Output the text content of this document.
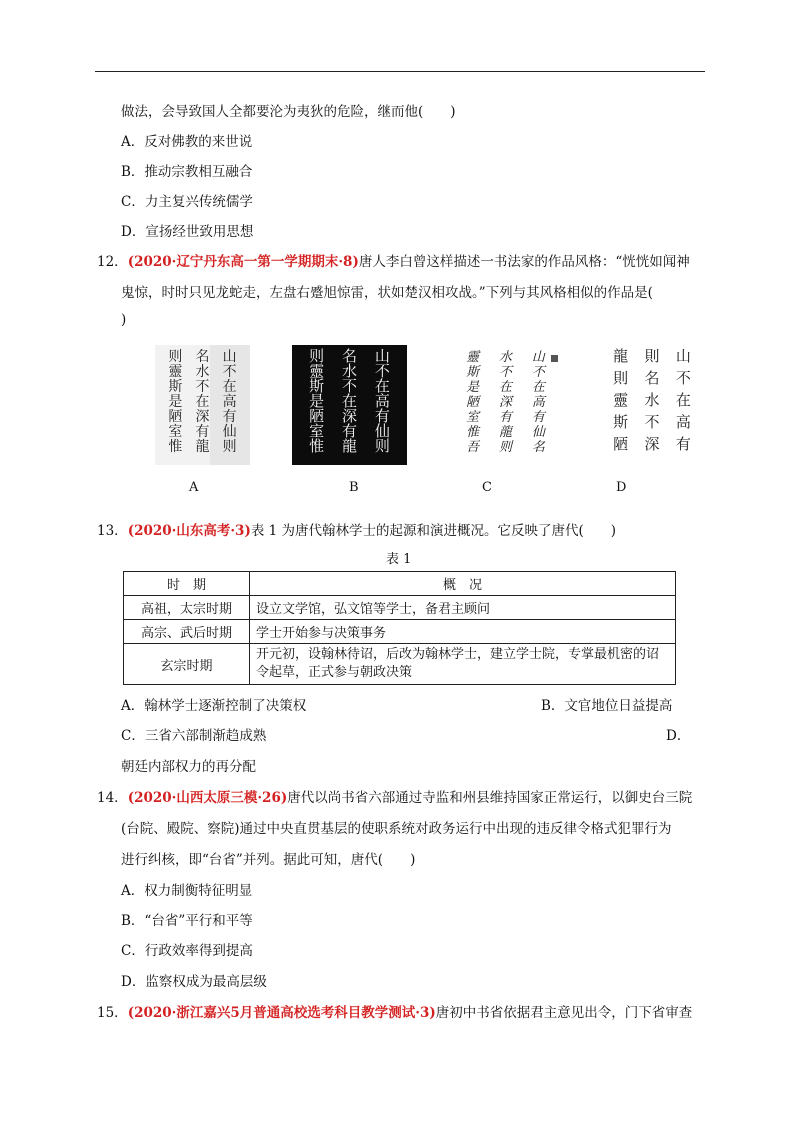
做法，会导致国人全都要沦为夷狄的危险，继而他(　　)
A．反对佛教的来世说
B．推动宗教相互融合
C．力主复兴传统儒学
D．宣扬经世致用思想
12．(2020·辽宁丹东高一第一学期期末·8)唐人李白曾这样描述一书法家的作品风格：“恍恍如闻神
鬼惊，时时只见龙蛇走，左盘右蹙旭惊雷，状如楚汉相攻战。”下列与其风格相似的作品是(
)
山
不
在
高
有
仙
则
名
水
不
在
深
有
龍
则
靈
斯
是
陋
室
惟
山
不
在
高
有
仙
则
名
水
不
在
深
有
龍
则
靈
斯
是
陋
室
惟
山
不
在
高
有
仙
名
水
不
在
深
有
龍
则
靈
斯
是
陋
室
惟
吾
山
不
在
高
有
則
名
水
不
深
龍
則
靈
斯
陋
A	B	C	D
13．(2020·山东高考·3)表 1 为唐代翰林学士的起源和演进概况。它反映了唐代(　　)
表 1
时　期	概　况
高祖，太宗时期	设立文学馆，弘文馆等学士，备君主顾问
高宗、武后时期	学士开始参与决策事务
玄宗时期	开元初，设翰林待诏，后改为翰林学士，建立学士院，专掌最机密的诏令起草，正式参与朝政决策
A．翰林学士逐渐控制了决策权	B．文官地位日益提高
C．三省六部制渐趋成熟	D．
朝廷内部权力的再分配
14．(2020·山西太原三模·26)唐代以尚书省六部通过寺监和州县维持国家正常运行，以御史台三院
(台院、殿院、察院)通过中央直贯基层的使职系统对政务运行中出现的违反律令格式犯罪行为
进行纠核，即“台省”并列。据此可知，唐代(　　)
A．权力制衡特征明显
B．“台省”平行和平等
C．行政效率得到提高
D．监察权成为最高层级
15．(2020·浙江嘉兴5月普通高校选考科目教学测试·3)唐初中书省依据君主意见出令，门下省审查
